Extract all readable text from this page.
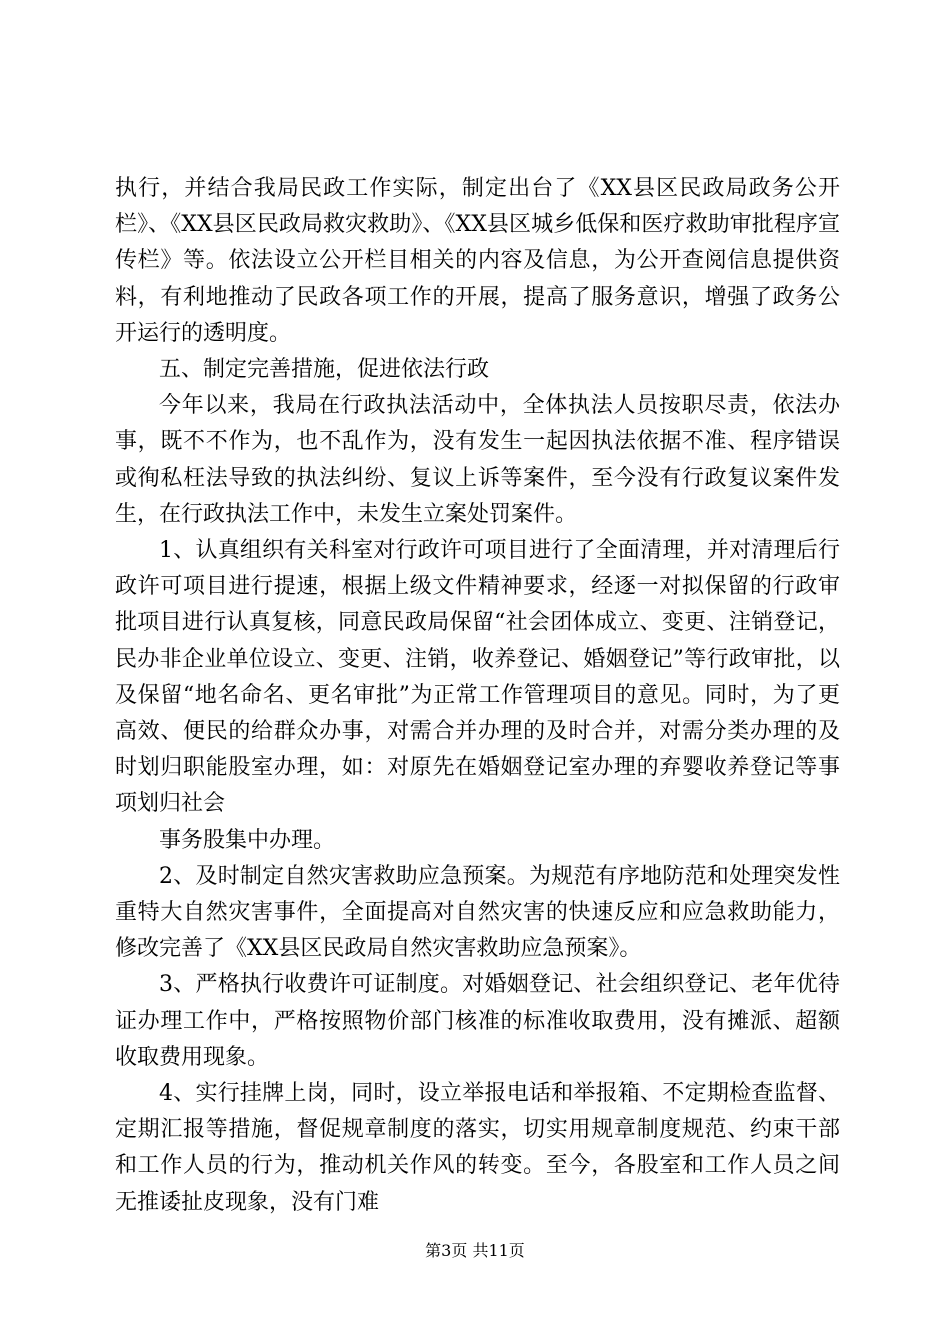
执行，并结合我局民政工作实际，制定出台了《XX县区民政局政务公开栏》、《XX县区民政局救灾救助》、《XX县区城乡低保和医疗救助审批程序宣传栏》等。依法设立公开栏目相关的内容及信息，为公开查阅信息提供资料，有利地推动了民政各项工作的开展，提高了服务意识，增强了政务公开运行的透明度。

五、制定完善措施，促进依法行政

今年以来，我局在行政执法活动中，全体执法人员按职尽责，依法办事，既不不作为，也不乱作为，没有发生一起因执法依据不准、程序错误或徇私枉法导致的执法纠纷、复议上诉等案件，至今没有行政复议案件发生，在行政执法工作中，未发生立案处罚案件。

1、认真组织有关科室对行政许可项目进行了全面清理，并对清理后行政许可项目进行提速，根据上级文件精神要求，经逐一对拟保留的行政审批项目进行认真复核，同意民政局保留“社会团体成立、变更、注销登记，民办非企业单位设立、变更、注销，收养登记、婚姻登记”等行政审批，以及保留“地名命名、更名审批”为正常工作管理项目的意见。同时，为了更高效、便民的给群众办事，对需合并办理的及时合并，对需分类办理的及时划归职能股室办理，如：对原先在婚姻登记室办理的弃婴收养登记等事项划归社会

事务股集中办理。

2、及时制定自然灾害救助应急预案。为规范有序地防范和处理突发性重特大自然灾害事件，全面提高对自然灾害的快速反应和应急救助能力，修改完善了《XX县区民政局自然灾害救助应急预案》。

3、严格执行收费许可证制度。对婚姻登记、社会组织登记、老年优待证办理工作中，严格按照物价部门核准的标准收取费用，没有摊派、超额收取费用现象。

4、实行挂牌上岗，同时，设立举报电话和举报箱、不定期检查监督、定期汇报等措施，督促规章制度的落实，切实用规章制度规范、约束干部和工作人员的行为，推动机关作风的转变。至今，各股室和工作人员之间无推诿扯皮现象，没有门难

第3页 共11页
